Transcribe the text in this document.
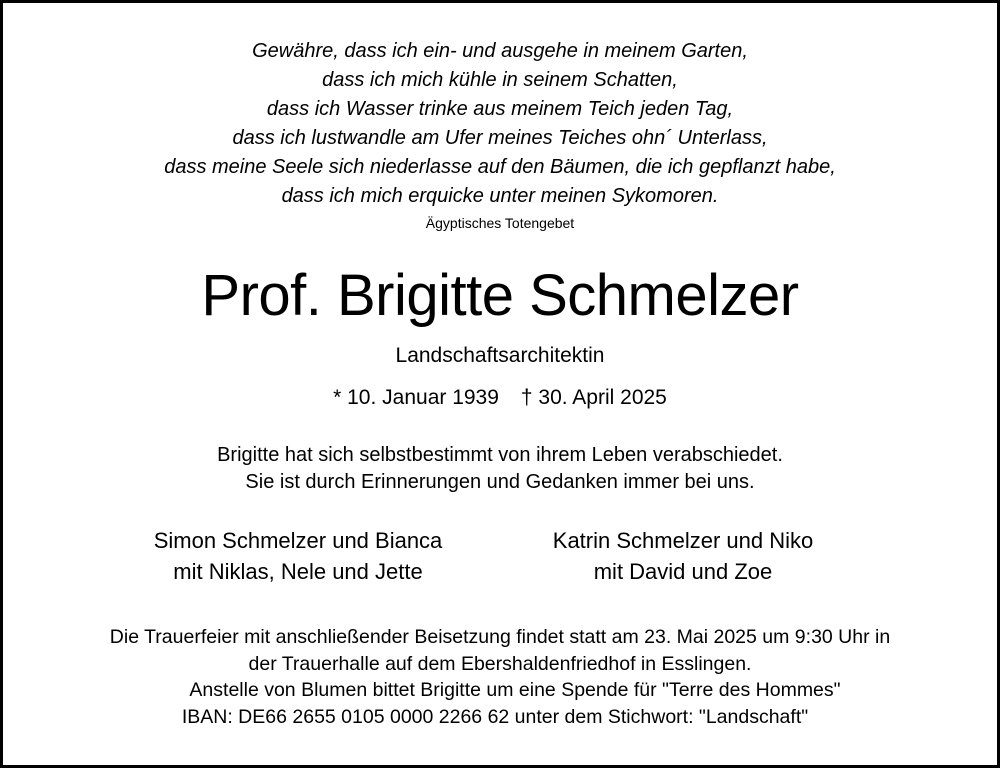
Gewähre, dass ich ein- und ausgehe in meinem Garten,
dass ich mich kühle in seinem Schatten,
dass ich Wasser trinke aus meinem Teich jeden Tag,
dass ich lustwandle am Ufer meines Teiches ohn´ Unterlass,
dass meine Seele sich niederlasse auf den Bäumen, die ich gepflanzt habe,
dass ich mich erquicke unter meinen Sykomoren.
Ägyptisches Totengebet
Prof. Brigitte Schmelzer
Landschaftsarchitektin
* 10. Januar 1939 † 30. April 2025
Brigitte hat sich selbstbestimmt von ihrem Leben verabschiedet.
Sie ist durch Erinnerungen und Gedanken immer bei uns.
Simon Schmelzer und Bianca
mit Niklas, Nele und Jette
Katrin Schmelzer und Niko
mit David und Zoe
Die Trauerfeier mit anschließender Beisetzung findet statt am 23. Mai 2025 um 9:30 Uhr in
der Trauerhalle auf dem Ebershaldenfriedhof in Esslingen.
Anstelle von Blumen bittet Brigitte um eine Spende für "Terre des Hommes"
IBAN: DE66 2655 0105 0000 2266 62 unter dem Stichwort: "Landschaft"
